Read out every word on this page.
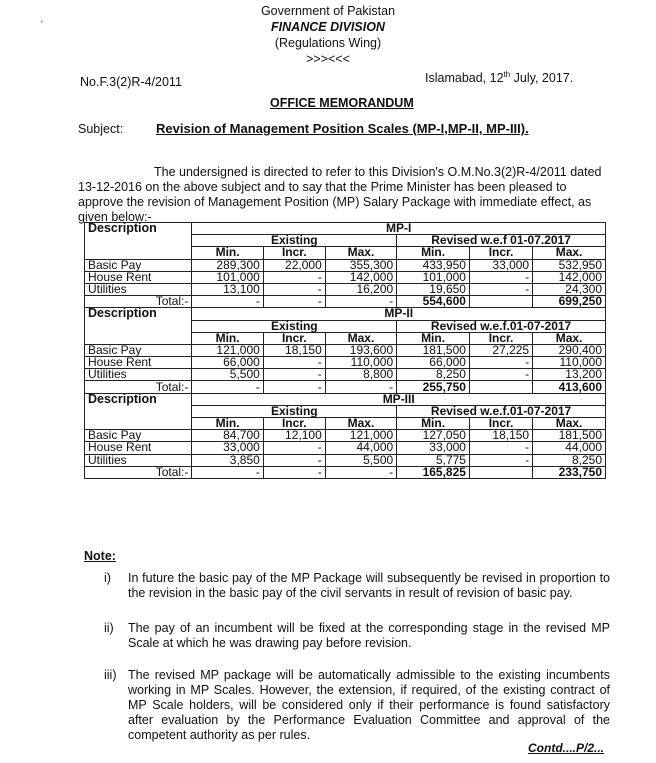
`
Government of Pakistan
FINANCE DIVISION
(Regulations Wing)
>>><<<
No.F.3(2)R-4/2011	Islamabad, 12th July, 2017.
OFFICE MEMORANDUM
Subject:	Revision of Management Position Scales (MP-I,MP-II, MP-III).
The undersigned is directed to refer to this Division's O.M.No.3(2)R-4/2011 dated 13-12-2016 on the above subject and to say that the Prime Minister has been pleased to approve the revision of Management Position (MP) Salary Package with immediate effect, as given below:-
Description	MP-I					
	Existing			Revised w.e.f 01-07.2017		
	Min.	Incr.	Max.	Min.	Incr.	Max.
Basic Pay	289,300	22,000	355,300	433,950	33,000	532,950
House Rent	101,000	-	142,000	101,000	-	142,000
Utilities	13,100	-	16,200	19,650	-	24,300
Total:-	-	-	-	554,600		699,250
Description	MP-II					
	Existing			Revised w.e.f.01-07-2017		
	Min.	Incr.	Max.	Min.	Incr.	Max.
Basic Pay	121,000	18,150	193,600	181,500	27,225	290,400
House Rent	66,000	-	110,000	66,000	-	110,000
Utilities	5,500	-	8,800	8,250	-	13,200
Total:-	-	-	-	255,750		413,600
Description	MP-III					
	Existing			Revised w.e.f.01-07-2017		
	Min.	Incr.	Max.	Min.	Incr.	Max.
Basic Pay	84,700	12,100	121,000	127,050	18,150	181,500
House Rent	33,000	-	44,000	33,000	-	44,000
Utilities	3,850	-	5,500	5,775	-	8,250
Total:-	-	-	-	165,825		233,750
Note:
i) In future the basic pay of the MP Package will subsequently be revised in proportion to the revision in the basic pay of the civil servants in result of revision of basic pay.
ii) The pay of an incumbent will be fixed at the corresponding stage in the revised MP Scale at which he was drawing pay before revision.
iii) The revised MP package will be automatically admissible to the existing incumbents working in MP Scales. However, the extension, if required, of the existing contract of MP Scale holders, will be considered only if their performance is found satisfactory after evaluation by the Performance Evaluation Committee and approval of the competent authority as per rules.
Contd....P/2...
